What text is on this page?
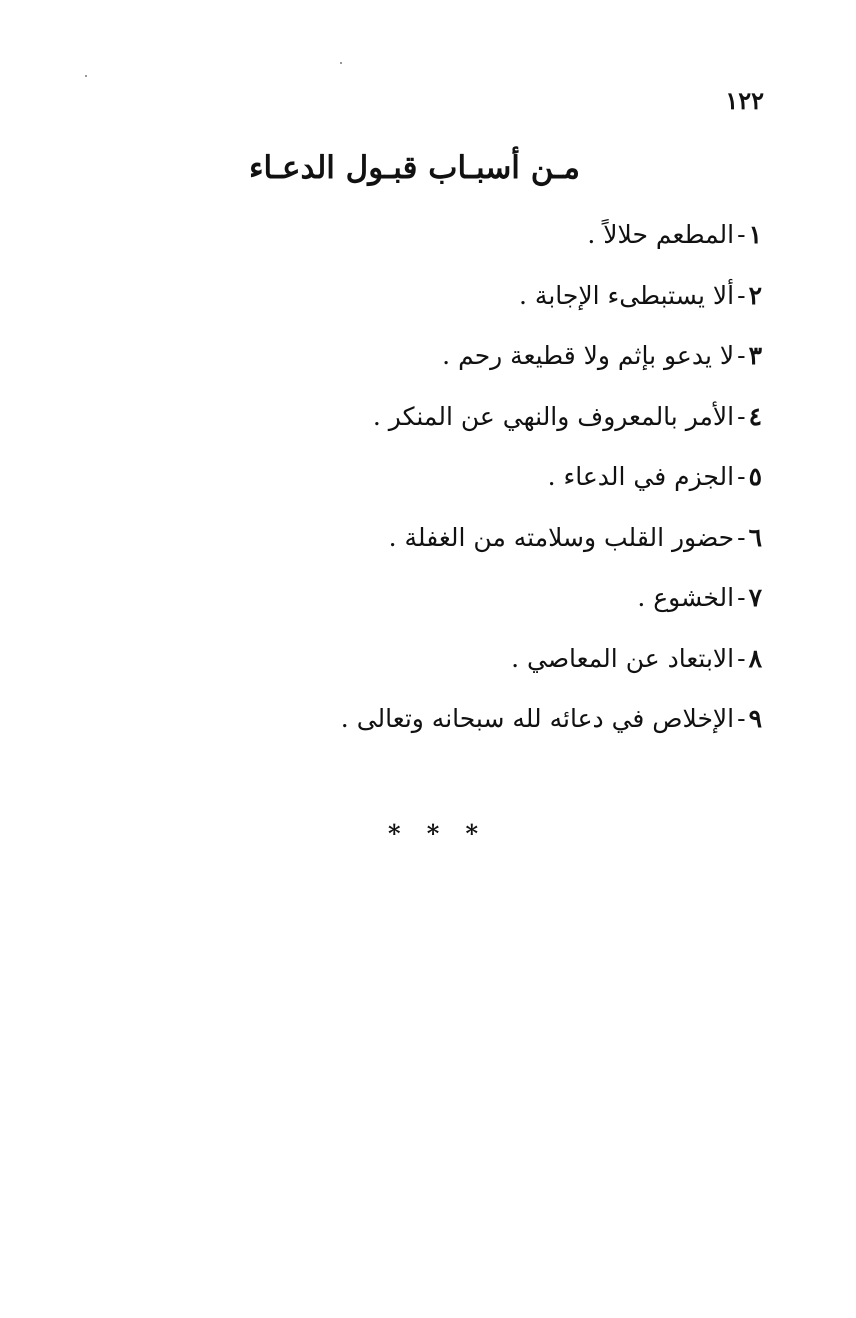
١٢٢
مـن أسبـاب قبـول الدعـاء
١-المطعم حلالاً .
٢-ألا يستبطىء الإجابة .
٣-لا يدعو بإثم ولا قطيعة رحم .
٤-الأمر بالمعروف والنهي عن المنكر .
٥-الجزم في الدعاء .
٦-حضور القلب وسلامته من الغفلة .
٧-الخشوع .
٨-الابتعاد عن المعاصي .
٩-الإخلاص في دعائه لله سبحانه وتعالى .
* * *
